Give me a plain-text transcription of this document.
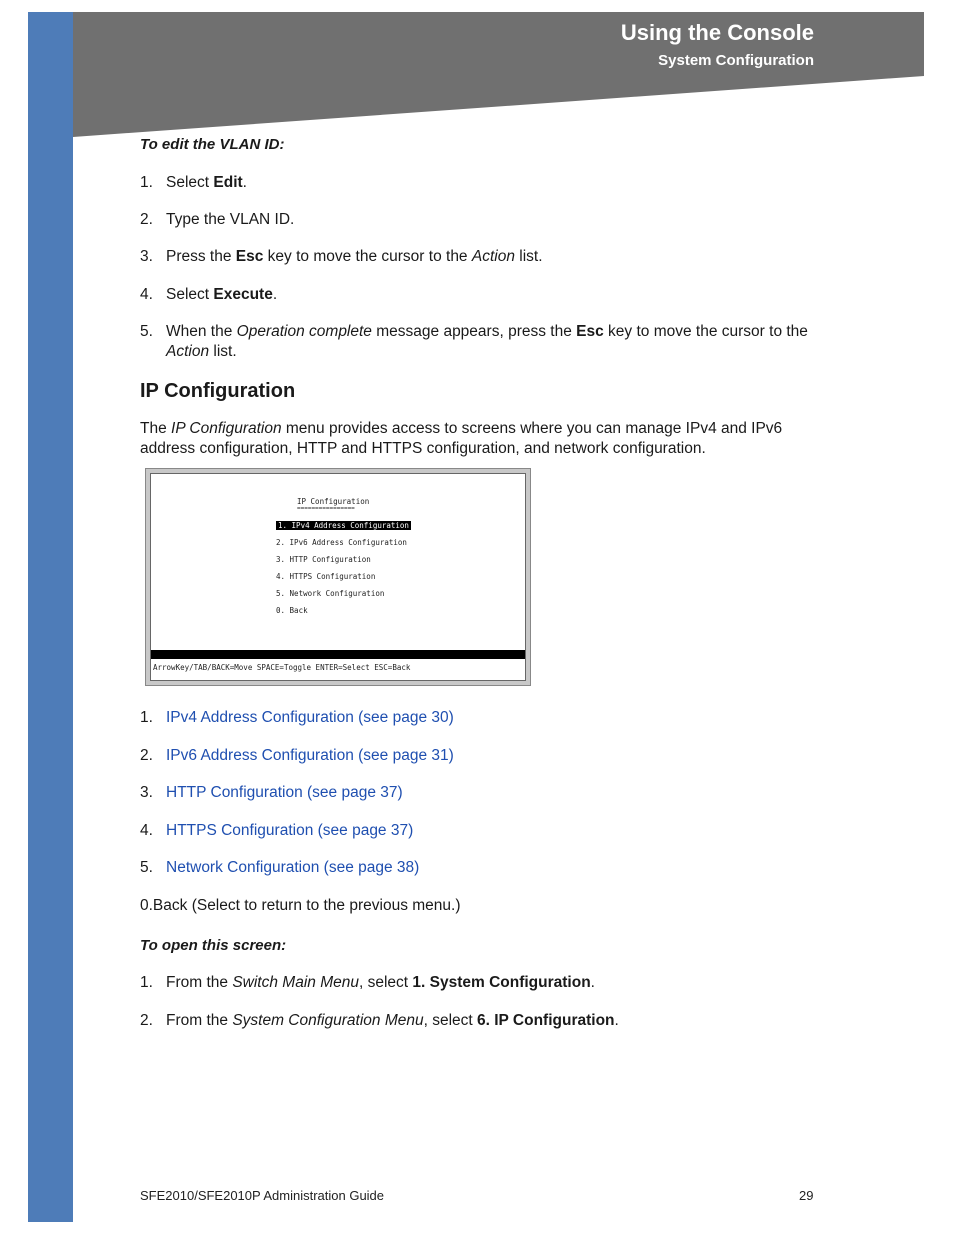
Using the Console
System Configuration
To edit the VLAN ID:
1. Select Edit.
2. Type the VLAN ID.
3. Press the Esc key to move the cursor to the Action list.
4. Select Execute.
5. When the Operation complete message appears, press the Esc key to move the cursor to the
Action list.
IP Configuration
The IP Configuration menu provides access to screens where you can manage IPv4 and IPv6
address configuration, HTTP and HTTPS configuration, and network configuration.
1. IPv4 Address Configuration (see page 30)
2. IPv6 Address Configuration (see page 31)
3. HTTP Configuration (see page 37)
4. HTTPS Configuration (see page 37)
5. Network Configuration (see page 38)
0.Back (Select to return to the previous menu.)
To open this screen:
1. From the Switch Main Menu, select 1. System Configuration.
2. From the System Configuration Menu, select 6. IP Configuration.
IP Configuration
================
1. IPv4 Address Configuration
2. IPv6 Address Configuration
3. HTTP Configuration
4. HTTPS Configuration
5. Network Configuration
0. Back
ArrowKey/TAB/BACK=Move SPACE=Toggle ENTER=Select ESC=Back
SFE2010/SFE2010P Administration Guide	29
